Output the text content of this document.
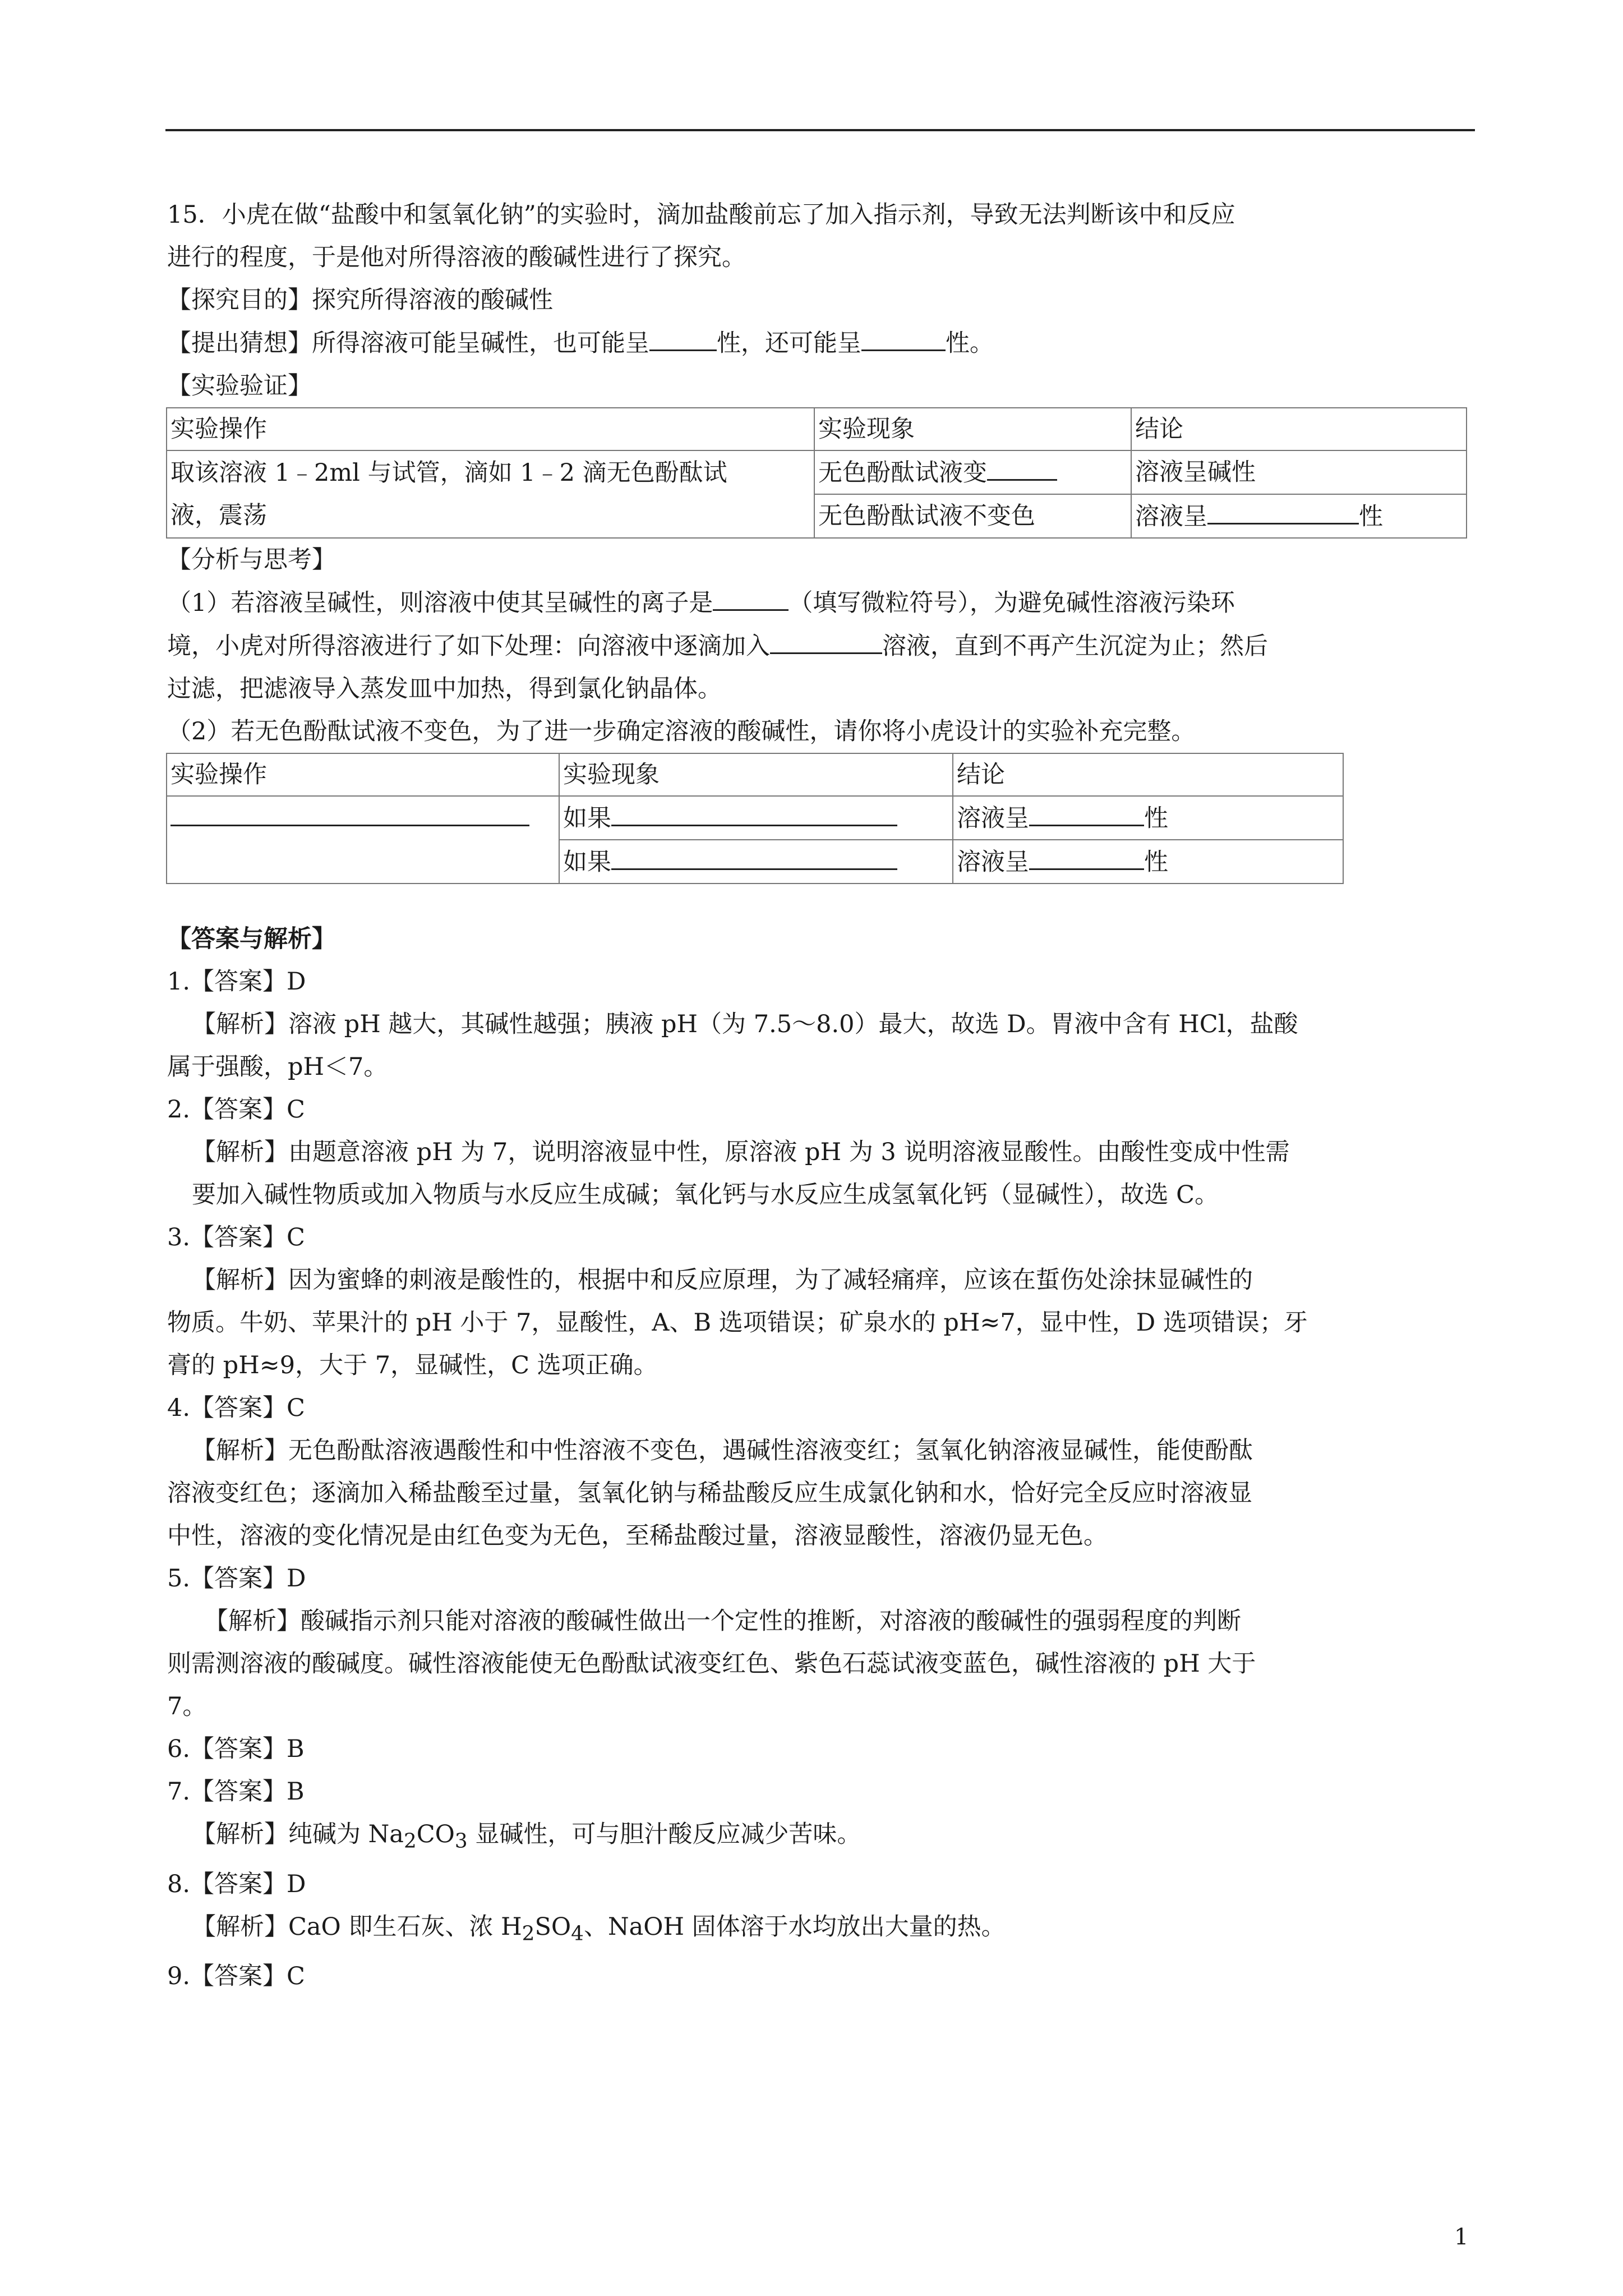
15．小虎在做“盐酸中和氢氧化钠”的实验时，滴加盐酸前忘了加入指示剂，导致无法判断该中和反应

进行的程度，于是他对所得溶液的酸碱性进行了探究。

【探究目的】探究所得溶液的酸碱性

【提出猜想】所得溶液可能呈碱性，也可能呈	性，还可能呈	性。

【实验验证】

实验操作	实验现象	结论

取该溶液 1﹣2ml 与试管，滴如 1﹣2 滴无色酚酞试
液，震荡	无色酚酞试液变	溶液呈碱性
	无色酚酞试液不变色	溶液呈 性

【分析与思考】

（1）若溶液呈碱性，则溶液中使其呈碱性的离子是	（填写微粒符号），为避免碱性溶液污染环

境，小虎对所得溶液进行了如下处理：向溶液中逐滴加入	溶液，直到不再产生沉淀为止；然后

过滤，把滤液导入蒸发皿中加热，得到氯化钠晶体。

（2）若无色酚酞试液不变色，为了进一步确定溶液的酸碱性，请你将小虎设计的实验补充完整。

实验操作	实验现象	结论
	如果	溶液呈 性
	如果	溶液呈 性

【答案与解析】

1.【答案】D

【解析】溶液 pH 越大，其碱性越强；胰液 pH（为 7.5～8.0）最大，故选 D。胃液中含有 HCl，盐酸

属于强酸，pH＜7。

2.【答案】C

【解析】由题意溶液 pH 为 7，说明溶液显中性，原溶液 pH 为 3 说明溶液显酸性。由酸性变成中性需

要加入碱性物质或加入物质与水反应生成碱；氧化钙与水反应生成氢氧化钙（显碱性），故选 C。

3.【答案】C

【解析】因为蜜蜂的刺液是酸性的，根据中和反应原理，为了减轻痛痒，应该在蜇伤处涂抹显碱性的

物质。牛奶、苹果汁的 pH 小于 7，显酸性，A、B 选项错误；矿泉水的 pH≈7，显中性，D 选项错误；牙

膏的 pH≈9，大于 7，显碱性，C 选项正确。

4.【答案】C

【解析】无色酚酞溶液遇酸性和中性溶液不变色，遇碱性溶液变红；氢氧化钠溶液显碱性，能使酚酞

溶液变红色；逐滴加入稀盐酸至过量，氢氧化钠与稀盐酸反应生成氯化钠和水，恰好完全反应时溶液显

中性，溶液的变化情况是由红色变为无色，至稀盐酸过量，溶液显酸性，溶液仍显无色。

5.【答案】D

【解析】酸碱指示剂只能对溶液的酸碱性做出一个定性的推断，对溶液的酸碱性的强弱程度的判断

则需测溶液的酸碱度。碱性溶液能使无色酚酞试液变红色、紫色石蕊试液变蓝色，碱性溶液的 pH 大于

7。

6.【答案】B

7.【答案】B

【解析】纯碱为 $Na_2CO_3$ 显碱性，可与胆汁酸反应减少苦味。

8.【答案】D

【解析】CaO 即生石灰、浓 $H_2SO_4$、NaOH 固体溶于水均放出大量的热。

9.【答案】C

1
